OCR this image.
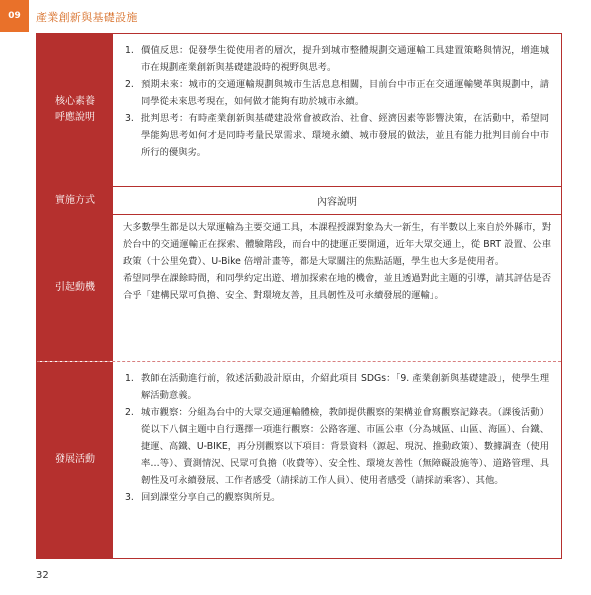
09 產業創新與基礎設施
核心素養
呼應說明
1. 價值反思：促發學生從使用者的層次，提升到城市整體規劃交通運輸工具建置策略與情況，增進城市在規劃產業創新與基礎建設時的視野與思考。
2. 預期未來：城市的交通運輸規劃與城市生活息息相關，目前台中市正在交通運輸變革與規劃中，請同學從未來思考現在，如何做才能夠有助於城市永續。
3. 批判思考：有時產業創新與基礎建設常會被政治、社會、經濟因素等影響決策，在活動中，希望同學能夠思考如何才是同時考量民眾需求、環境永續、城市發展的做法，並且有能力批判目前台中市所行的優與劣。
實施方式	內容說明
引起動機
大多數學生都是以大眾運輸為主要交通工具，本課程授課對象為大一新生，有半數以上來自於外縣市，對於台中的交通運輸正在探索、體驗階段，而台中的捷運正要開通，近年大眾交通上，從 BRT 設置、公車政策（十公里免費）、U-Bike 倍增計畫等，都是大眾關注的焦點話題，學生也大多是使用者。
希望同學在課餘時間，和同學約定出遊、增加探索在地的機會，並且透過對此主題的引導，請其評估是否合乎「建構民眾可負擔、安全、對環境友善，且具韌性及可永續發展的運輸」。
發展活動
1. 教師在活動進行前，敘述活動設計原由，介紹此項目 SDGs：「9. 產業創新與基礎建設」，使學生理解活動意義。
2. 城市觀察：分組為台中的大眾交通運輸體檢，教師提供觀察的架構並會寫觀察記錄表。（課後活動）從以下八個主題中自行選擇一項進行觀察：公路客運、市區公車（分為城區、山區、海區）、台鐵、捷運、高鐵、U-BIKE，再分別觀察以下項目：背景資料（源起、現況、推動政策）、數據調查（使用率…等）、賣測情況、民眾可負擔（收費等）、安全性、環境友善性（無障礙設施等）、道路管理、具韌性及可永續發展、工作者感受（請採訪工作人員）、使用者感受（請採訪乘客）、其他。
3. 回到課堂分享自己的觀察與所見。
32
